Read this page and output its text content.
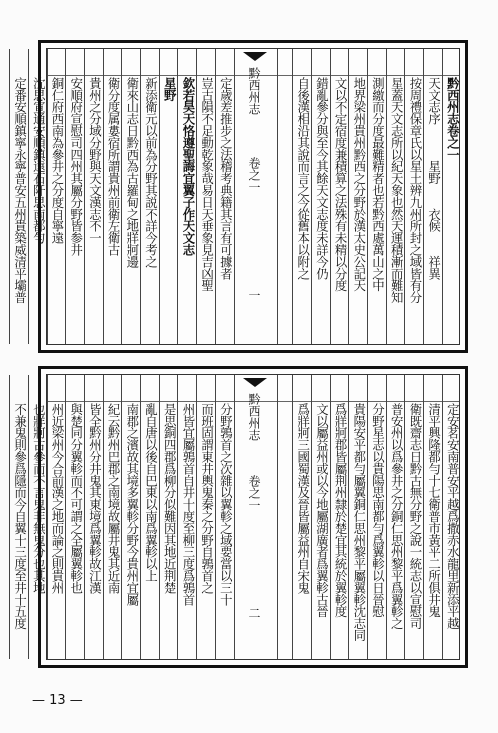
黔西州志卷之一
天文志序　　　星野　　衣候　　祥異
按周禮保章氏以星土辨九州所封之域皆有分
星蓋天文志所以紀天象也然天運積漸而難知
測繳而分度最難精者也若黔西處萬山之中
地界梁州貴州黔西之分野於漢太史公記天
文以不定宿度兼積算之法殊有未精以分度
錯亂參分與至今其餘天文志度未詳今仍
自後漢相沿其說而言之今從舊本以附之
定歲差推步之法稽考典籍其言有可據者
豈古隕不足動乾象哉易日天垂象見吉凶聖
欽若昊天恪遵聖誨宜翼子作天文志
星野
新添衛元以前為分野其説不詳今考之
衛來山志日黔西為古羅甸之地牂牁邊
衛分度属婁宿所謂貴州前衛左衛古
貴州之分域分野與天文漢志不一
安順府宣慰司四州其屬分野皆参井
銅仁府西南為參井之分度自寧遠
沈思宣通安順鎮遠石阡思南都勻
定番安順鎮寧永寧普安五州貴築威清平壩普	黔西州志
卷之一
一
定安茗安南普安平越爲撒赤水龍里新添平越
清平興隆都勻十七衛普市黃平二所俱井鬼
衛既齋志日黔古無分野之說一統志以宣慰司
普安州以爲參井之分銅仁思州黎平爲翼軫之
分野星志以貴陽思南都勻爲翼軫以日晉慰
貴陽安平都勻屬翼銅仁思州黎平屬翼軫沈志同
爲牂牁郡皆屬荆州隸於楚宜其統於翼軫度
文以屬益州或以今地屬湖廣者爲翼軫古晉
爲牂牁三國蜀漢及晉皆屬益州自宋鬼
分野鶉首之次雜以翼軫之域要當以三十
而班固謂東井輿鬼秦之分野自鶉首之
州皆宜屬鶉首自井十度至柳三度爲鶉首
是思銅四郡爲柳分似難因其地近荆楚
亂自唐以後自巴東以南爲翼軫以上
南郡之濱故其境多翼軫分野今貴州宜屬
紀云黔州巴郡之南境故屬井鬼其近南
皆全黔州分井鬼其東境爲翼軫故江漢
與楚同分翼軫而不可謂之全屬翼軫也
州近梁州今合前漢之地而論之則貴州
也牂牁古參而不言鬼非無鬼分也其地
不兼鬼則參爲隱而今自翼十三度至井十五度	黔西州志
卷之一
二
— 13 —
